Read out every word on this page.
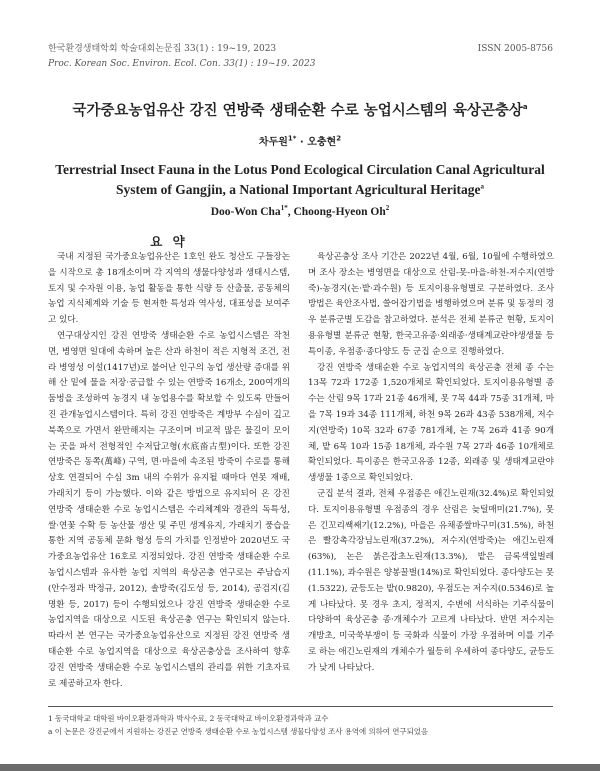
한국환경생태학회 학술대회논문집 33(1) : 19~19, 2023	ISSN 2005-8756
Proc. Korean Soc. Environ. Ecol. Con. 33(1) : 19~19. 2023
국가중요농업유산 강진 연방죽 생태순환 수로 농업시스템의 육상곤충상$^a$
차두원$^{1*}$ · 오충현$^2$
Terrestrial Insect Fauna in the Lotus Pond Ecological Circulation Canal Agricultural System of Gangjin, a National Important Agricultural Heritage$^a$
Doo-Won Cha$^{1*}$, Choong-Hyeon Oh$^2$
요 약

국내 지정된 국가중요농업유산은 1호인 완도 청산도 구들장논을 시작으로 총 18개소이며 각 지역의 생물다양성과 생태시스템, 토지 및 수자원 이용, 농업 활동을 통한 식량 등 산출물, 공동체의 농업 지식체계와 기술 등 현저한 특성과 역사성, 대표성을 보여주고 있다.

연구대상지인 강진 연방죽 생태순환 수로 농업시스템은 작천면, 병영면 일대에 속하며 높은 산과 하천이 적은 지형적 조건, 전라 병영성 이설(1417년)로 불어난 인구의 농업 생산량 증대를 위해 산 밑에 물을 저장·공급할 수 있는 연방죽 16개소, 200여개의 둠벙을 조성하여 농경지 내 농업용수를 확보할 수 있도록 만들어진 관개농업시스템이다. 특히 강진 연방죽은 계방부 수심이 깊고 북쪽으로 가면서 완만해지는 구조이며 비교적 많은 물길이 모이는 곳을 파서 전형적인 수저답고형(水底畓古型)이다. 또한 강진 연방죽은 동쪽(萬峰) 구역, 면·마을에 속조된 방죽이 수로를 통해 상호 연결되어 수심 3m 내의 수위가 유지될 때마다 연못 재배, 가래치기 등이 가능했다. 이와 같은 방법으로 유지되어 온 강진 연방죽 생태순환 수로 농업시스템은 수리체계와 경관의 독특성, 쌀·연꽃 수확 등 농산물 생산 및 주민 생계유지, 가래치기 풍습을 통한 지역 공동체 문화 형성 등의 가치를 인정받아 2020년도 국가중요농업유산 16호로 지정되었다. 강진 연방죽 생태순환 수로 농업시스템과 유사한 농업 지역의 육상곤충 연구로는 주남습지(안수정과 박정규, 2012), 솔방죽(김도성 등, 2014), 공검지(김명환 등, 2017) 등이 수행되었으나 강진 연방죽 생태순환 수로 농업지역을 대상으로 시도된 육상곤충 연구는 확인되지 않는다. 따라서 본 연구는 국가중요농업유산으로 지정된 강진 연방죽 생태순환 수로 농업지역을 대상으로 육상곤충상을 조사하여 향후 강진 연방죽 생태순환 수로 농업시스템의 관리를 위한 기초자료로 제공하고자 한다.

육상곤충상 조사 기간은 2022년 4월, 6월, 10월에 수행하였으며 조사 장소는 병영면을 대상으로 산림-못-마을-하천-저수지(연방죽)-농경지(논·밭·과수원) 등 토지이용유형별로 구분하였다. 조사 방법은 육안조사법, 쓸어잡기법을 병행하였으며 분류 및 동정의 경우 분류군별 도감을 참고하였다. 분석은 전체 분류군 현황, 토지이용유형별 분류군 현황, 한국고유종·외래종·생태계교란야생생물 등 특이종, 우점종·종다양도 등 군집 순으로 진행하였다.

강진 연방죽 생태순환 수로 농업지역의 육상곤충 전체 종 수는 13목 72과 172종 1,520개체로 확인되었다. 토지이용유형별 종 수는 산림 9목 17과 21종 46개체, 못 7목 44과 75종 31개체, 마을 7목 19과 34종 111개체, 하천 9목 26과 43종 538개체, 저수지(연방죽) 10목 32과 67종 781개체, 논 7목 26과 41종 90개체, 밭 6목 10과 15종 18개체, 과수원 7목 27과 46종 10개체로 확인되었다. 특이종은 한국고유종 12종, 외래종 및 생태계교란야생생물 1종으로 확인되었다.

군집 분석 결과, 전체 우점종은 애긴노린재(32.4%)로 확인되었다. 토지이용유형별 우점종의 경우 산림은 늦털매미(21.7%), 못은 긴꼬리쌕쌔기(12.2%), 마을은 유채종쌀바구미(31.5%), 하천은 빨강촉각장님노린재(37.2%), 저수지(연방죽)는 애긴노린재(63%), 논은 붉은잡초노린재(13.3%), 밭은 금록색잎벌레(11.1%), 과수원은 양봉꿀벌(14%)로 확인되었다. 종다양도는 못(1.5322), 균등도는 밭(0.9820), 우점도는 저수지(0.5346)로 높게 나타났다. 못 경우 초지, 정적지, 수변에 서식하는 기주식물이 다양하여 육상곤충 종·개체수가 고르게 나타났다. 반면 저수지는 개방초, 미국쑥부쟁이 등 국화과 식물이 가장 우점하며 이를 기주로 하는 애긴노린재의 개체수가 월등히 우세하여 종다양도, 균등도가 낮게 나타났다.

1 동국대학교 대학원 바이오환경과학과 박사수료, 2 동국대학교 바이오환경과학과 교수
a 이 논문은 강진군에서 지원하는 강진군 연방죽 생태순환 수로 농업시스템 생물다양성 조사 용역에 의하여 연구되었음
